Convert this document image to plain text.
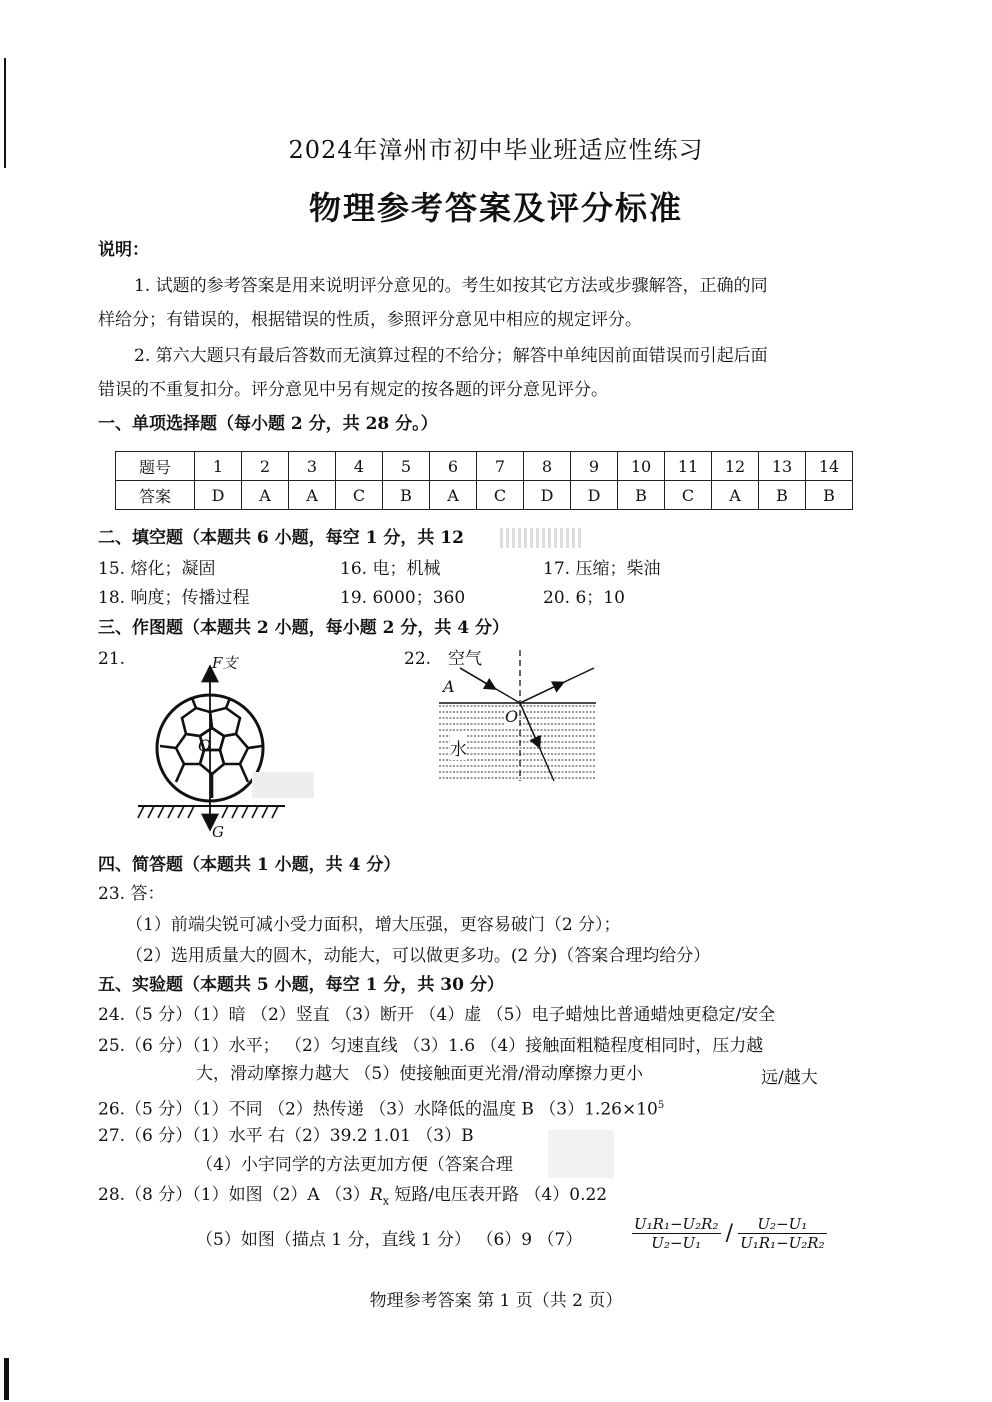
2024年漳州市初中毕业班适应性练习
物理参考答案及评分标准
说明：
1. 试题的参考答案是用来说明评分意见的。考生如按其它方法或步骤解答，正确的同
样给分；有错误的，根据错误的性质，参照评分意见中相应的规定评分。
2. 第六大题只有最后答数而无演算过程的不给分；解答中单纯因前面错误而引起后面
错误的不重复扣分。评分意见中另有规定的按各题的评分意见评分。
一、单项选择题（每小题 2 分，共 28 分。）
题号	1	2	3	4	5	6	7	8	9	10	11	12	13	14
答案	D	A	A	C	B	A	C	D	D	B	C	A	B	B
二、填空题（本题共 6 小题，每空 1 分，共 12
15. 熔化；凝固	16. 电；机械	17. 压缩；柴油
18. 响度；传播过程	19. 6000；360	20. 6；10
三、作图题（本题共 2 小题，每小题 2 分，共 4 分）
21.	F支
O
G
22. 空气
A
O
水
四、简答题（本题共 1 小题，共 4 分）
23. 答：
（1）前端尖锐可减小受力面积，增大压强，更容易破门（2 分）；
（2）选用质量大的圆木，动能大，可以做更多功。(2 分)（答案合理均给分）
五、实验题（本题共 5 小题，每空 1 分，共 30 分）
24.（5 分）（1）暗 （2）竖直 （3）断开 （4）虚 （5）电子蜡烛比普通蜡烛更稳定/安全
25.（6 分）（1）水平； （2）匀速直线 （3）1.6 （4）接触面粗糙程度相同时，压力越
大，滑动摩擦力越大 （5）使接触面更光滑/滑动摩擦力更小	远/越大
26.（5 分）（1）不同 （2）热传递 （3）水降低的温度 B $(3)1.26\times 10^5$
27.（6 分）（1）水平 右（2）39.2 1.01 （3）B
（4）小宇同学的方法更加方便（答案合理
28.（8 分）（1）如图（2）A $(3)R_x$ 短路/电压表开路 （4）0.22
（5）如图（描点 1 分，直线 1 分） （6）9 （7）	$\frac{\text{U₁R₁−U₂R₂}}{\text{U₂−U₁}} / \frac{\text{U₂−U₁}}{\text{U₁R₁−U₂R₂}}$
物理参考答案 第 1 页（共 2 页）
